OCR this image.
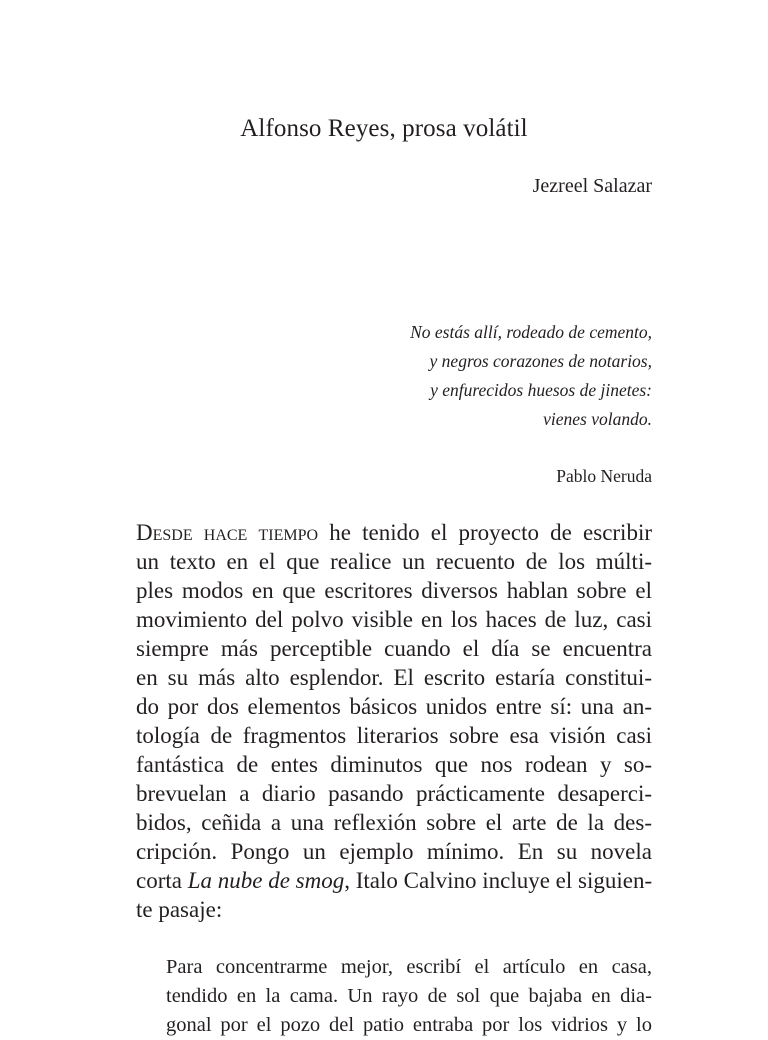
Alfonso Reyes, prosa volátil
Jezreel Salazar
No estás allí, rodeado de cemento,
y negros corazones de notarios,
y enfurecidos huesos de jinetes:
vienes volando.
Pablo Neruda
Desde hace tiempo he tenido el proyecto de escribir
un texto en el que realice un recuento de los múlti-
ples modos en que escritores diversos hablan sobre el
movimiento del polvo visible en los haces de luz, casi
siempre más perceptible cuando el día se encuentra
en su más alto esplendor. El escrito estaría constitui-
do por dos elementos básicos unidos entre sí: una an-
tología de fragmentos literarios sobre esa visión casi
fantástica de entes diminutos que nos rodean y so-
brevuelan a diario pasando prácticamente desaperci-
bidos, ceñida a una reflexión sobre el arte de la des-
cripción. Pongo un ejemplo mínimo. En su novela
corta La nube de smog, Italo Calvino incluye el siguien-
te pasaje:
Para concentrarme mejor, escribí el artículo en casa,
tendido en la cama. Un rayo de sol que bajaba en dia-
gonal por el pozo del patio entraba por los vidrios y lo
